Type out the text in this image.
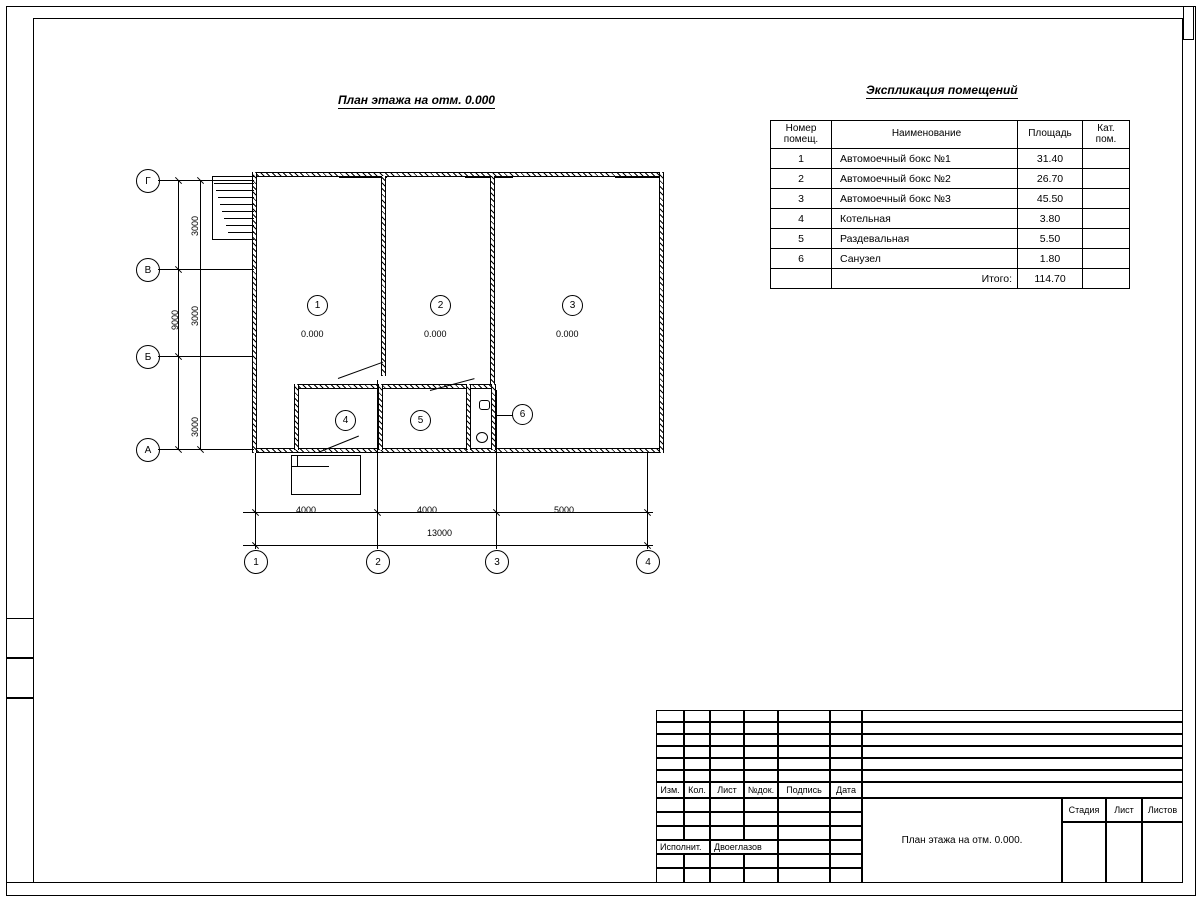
План этажа на отм. 0.000
Экспликация помещений
Номер
помещ.	Наименование	Площадь	Кат.
пом.

1	Автомоечный бокс №1	31.40	
2	Автомоечный бокс №2	26.70	
3	Автомоечный бокс №3	45.50	
4	Котельная	3.80	
5	Раздевальная	5.50	
6	Санузел	1.80	
	Итого:	114.70	
1	2	3
4	5
6
0.000	0.000	0.000
Г
В
Б
А
3000
3000
3000
9000
4000	4000	5000
13000
1	2	3	4
Изм. Кол.	Лист	№док.	Подпись	Дата
Исполнит.	Двоеглазов
План этажа на отм. 0.000.
Стадия	Лист	Листов
